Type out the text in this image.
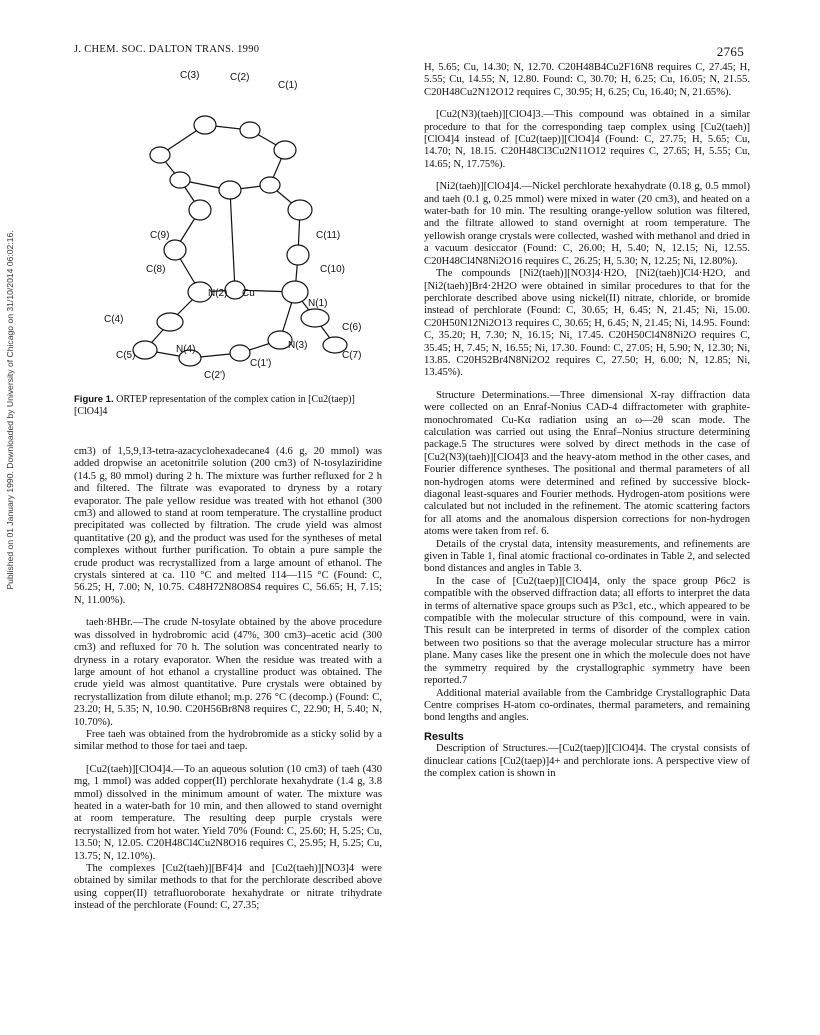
J. CHEM. SOC. DALTON TRANS. 1990	2765
Published on 01 January 1990. Downloaded by University of Chicago on 31/10/2014 06:02:16.
C(3)	C(2)
C(1)
C(9)	C(11)
C(8)	C(10)
N(2) Cu
N(1)
C(4)
C(6)
N(4)	N(3)
C(5)
C(1')
C(7)
C(2')
Figure 1. ORTEP representation of the complex cation in [Cu2(taep)][ClO4]4

cm3) of 1,5,9,13-tetra-azacyclohexadecane4 (4.6 g, 20 mmol) was added dropwise an acetonitrile solution (200 cm3) of N-tosylaziridine (14.5 g, 80 mmol) during 2 h. The mixture was further refluxed for 2 h and filtered. The filtrate was evaporated to dryness by a rotary evaporator. The pale yellow residue was treated with hot ethanol (300 cm3) and allowed to stand at room temperature. The crystalline product precipitated was collected by filtration. The crude yield was almost quantitative (20 g), and the product was used for the syntheses of metal complexes without further purification. To obtain a pure sample the crude product was recrystallized from a large amount of ethanol. The crystals sintered at ca. 110 °C and melted 114—115 °C (Found: C, 56.25; H, 7.00; N, 10.75. C48H72N8O8S4 requires C, 56.65; H, 7.15; N, 11.00%).

taeh·8HBr.—The crude N-tosylate obtained by the above procedure was dissolved in hydrobromic acid (47%, 300 cm3)–acetic acid (300 cm3) and refluxed for 70 h. The solution was concentrated nearly to dryness in a rotary evaporator. When the residue was treated with a large amount of hot ethanol a crystalline product was obtained. The crude yield was almost quantitative. Pure crystals were obtained by recrystallization from dilute ethanol; m.p. 276 °C (decomp.) (Found: C, 23.20; H, 5.35; N, 10.90. C20H56Br8N8 requires C, 22.90; H, 5.40; N, 10.70%).

Free taeh was obtained from the hydrobromide as a sticky solid by a similar method to those for taei and taep.

[Cu2(taeh)][ClO4]4.—To an aqueous solution (10 cm3) of taeh (430 mg, 1 mmol) was added copper(II) perchlorate hexahydrate (1.4 g, 3.8 mmol) dissolved in the minimum amount of water. The mixture was heated in a water-bath for 10 min, and then allowed to stand overnight at room temperature. The resulting deep purple crystals were recrystallized from hot water. Yield 70% (Found: C, 25.60; H, 5.25; Cu, 13.50; N, 12.05. C20H48Cl4Cu2N8O16 requires C, 25.95; H, 5.25; Cu, 13.75; N, 12.10%).

The complexes [Cu2(taeh)][BF4]4 and [Cu2(taeh)][NO3]4 were obtained by similar methods to that for the perchlorate described above using copper(II) tetrafluoroborate hexahydrate or nitrate trihydrate instead of the perchlorate (Found: C, 27.35;

H, 5.65; Cu, 14.30; N, 12.70. C20H48B4Cu2F16N8 requires C, 27.45; H, 5.55; Cu, 14.55; N, 12.80. Found: C, 30.70; H, 6.25; Cu, 16.05; N, 21.55. C20H48Cu2N12O12 requires C, 30.95; H, 6.25; Cu, 16.40; N, 21.65%).

[Cu2(N3)(taeh)][ClO4]3.—This compound was obtained in a similar procedure to that for the corresponding taep complex using [Cu2(taeh)][ClO4]4 instead of [Cu2(taep)][ClO4]4 (Found: C, 27.75; H, 5.65; Cu, 14.70; N, 18.15. C20H48Cl3Cu2N11O12 requires C, 27.65; H, 5.55; Cu, 14.65; N, 17.75%).

[Ni2(taeh)][ClO4]4.—Nickel perchlorate hexahydrate (0.18 g, 0.5 mmol) and taeh (0.1 g, 0.25 mmol) were mixed in water (20 cm3), and heated on a water-bath for 10 min. The resulting orange-yellow solution was filtered, and the filtrate allowed to stand overnight at room temperature. The yellowish orange crystals were collected, washed with methanol and dried in a vacuum desiccator (Found: C, 26.00; H, 5.40; N, 12.15; Ni, 12.55. C20H48Cl4N8Ni2O16 requires C, 26.25; H, 5.30; N, 12.25; Ni, 12.80%).

The compounds [Ni2(taeh)][NO3]4·H2O, [Ni2(taeh)]Cl4·H2O, and [Ni2(taeh)]Br4·2H2O were obtained in similar procedures to that for the perchlorate described above using nickel(II) nitrate, chloride, or bromide instead of perchlorate (Found: C, 30.65; H, 6.45; N, 21.45; Ni, 15.00. C20H50N12Ni2O13 requires C, 30.65; H, 6.45; N, 21.45; Ni, 14.95. Found: C, 35.20; H, 7.30; N, 16.15; Ni, 17.45. C20H50Cl4N8Ni2O requires C, 35.45; H, 7.45; N, 16.55; Ni, 17.30. Found: C, 27.05; H, 5.90; N, 12.30; Ni, 13.85. C20H52Br4N8Ni2O2 requires C, 27.50; H, 6.00; N, 12.85; Ni, 13.45%).

Structure Determinations.—Three dimensional X-ray diffraction data were collected on an Enraf-Nonius CAD-4 diffractometer with graphite-monochromated Cu-Kα radiation using an ω—2θ scan mode. The calculation was carried out using the Enraf–Nonius structure determining package.5 The structures were solved by direct methods in the case of [Cu2(N3)(taeh)][ClO4]3 and the heavy-atom method in the other cases, and Fourier difference syntheses. The positional and thermal parameters of all non-hydrogen atoms were determined and refined by successive block-diagonal least-squares and Fourier methods. Hydrogen-atom positions were calculated but not included in the refinement. The atomic scattering factors for all atoms and the anomalous dispersion corrections for non-hydrogen atoms were taken from ref. 6.

Details of the crystal data, intensity measurements, and refinements are given in Table 1, final atomic fractional co-ordinates in Table 2, and selected bond distances and angles in Table 3.

In the case of [Cu2(taep)][ClO4]4, only the space group P6c2 is compatible with the observed diffraction data; all efforts to interpret the data in terms of alternative space groups such as P3c1, etc., which appeared to be compatible with the molecular structure of this compound, were in vain. This result can be interpreted in terms of disorder of the complex cation between two positions so that the average molecular structure has a mirror plane. Many cases like the present one in which the molecule does not have the symmetry required by the crystallographic symmetry have been reported.7

Additional material available from the Cambridge Crystallographic Data Centre comprises H-atom co-ordinates, thermal parameters, and remaining bond lengths and angles.

Results

Description of Structures.—[Cu2(taep)][ClO4]4. The crystal consists of dinuclear cations [Cu2(taep)]4+ and perchlorate ions. A perspective view of the complex cation is shown in
